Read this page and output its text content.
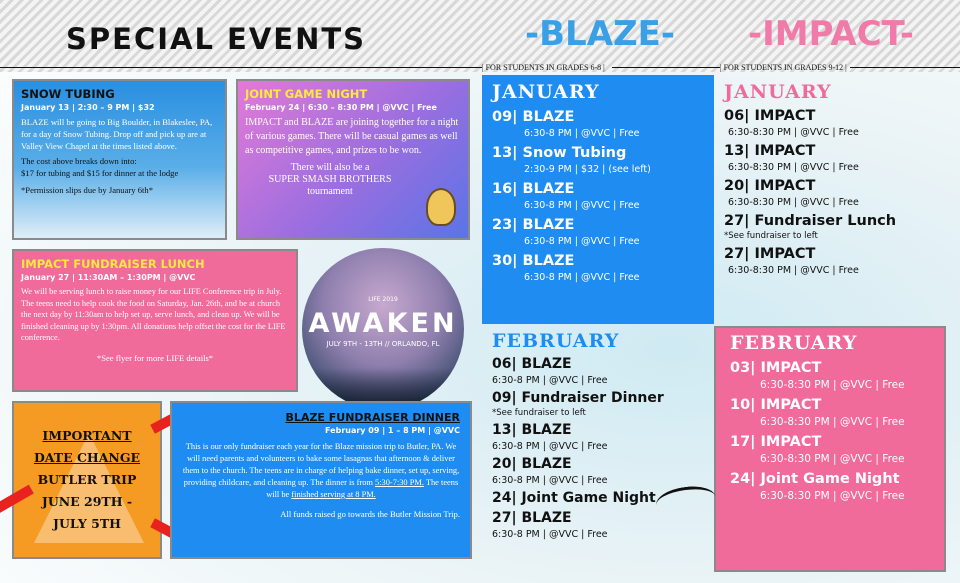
SPECIAL EVENTS	-BLAZE- -IMPACT-
| FOR STUDENTS IN GRADES 6-8 |	| FOR STUDENTS IN GRADES 9-12 |
SNOW TUBING
January 13 | 2:30 – 9 PM | $32
BLAZE will be going to Big Boulder, in Blakeslee, PA, for a day of Snow Tubing. Drop off and pick up are at Valley View Chapel at the times listed above.
The cost above breaks down into:
$17 for tubing and $15 for dinner at the lodge
*Permission slips due by January 6th*
JOINT GAME NIGHT
February 24 | 6:30 – 8:30 PM | @VVC | Free
IMPACT and BLAZE are joining together for a night of various games. There will be casual games as well as competitive games, and prizes to be won.
There will also be a
SUPER SMASH BROTHERS
tournament
IMPACT FUNDRAISER LUNCH
January 27 | 11:30AM – 1:30PM | @VVC
We will be serving lunch to raise money for our LIFE Conference trip in July. The teens need to help cook the food on Saturday, Jan. 26th, and be at church the next day by 11:30am to help set up, serve lunch, and clean up. We will be finished cleaning up by 1:30pm. All donations help offset the cost for the LIFE conference.
*See flyer for more LIFE details*
LIFE 2019
AWAKEN
JULY 9TH - 13TH // ORLANDO, FL
IMPORTANT
DATE CHANGE
BUTLER TRIP
JUNE 29TH -
JULY 5TH
BLAZE FUNDRAISER DINNER
February 09 | 1 – 8 PM | @VVC
This is our only fundraiser each year for the Blaze mission trip to Butler, PA. We will need parents and volunteers to bake some lasagnas that afternoon & deliver them to the church. The teens are in charge of helping bake dinner, set up, serving, providing childcare, and cleaning up. The dinner is from 5:30-7:30 PM. The teens will be finished serving at 8 PM.
All funds raised go towards the Butler Mission Trip.
JANUARY
09| BLAZE
6:30-8 PM | @VVC | Free
13| Snow Tubing
2:30-9 PM | $32 | (see left)
16| BLAZE
6:30-8 PM | @VVC | Free
23| BLAZE
6:30-8 PM | @VVC | Free
30| BLAZE
6:30-8 PM | @VVC | Free
JANUARY
06| IMPACT
6:30-8:30 PM | @VVC | Free
13| IMPACT
6:30-8:30 PM | @VVC | Free
20| IMPACT
6:30-8:30 PM | @VVC | Free
27| Fundraiser Lunch
*See fundraiser to left
27| IMPACT
6:30-8:30 PM | @VVC | Free
FEBRUARY
06| BLAZE
6:30-8 PM | @VVC | Free
09| Fundraiser Dinner
*See fundraiser to left
13| BLAZE
6:30-8 PM | @VVC | Free
20| BLAZE
6:30-8 PM | @VVC | Free
24| Joint Game Night
27| BLAZE
6:30-8 PM | @VVC | Free
FEBRUARY
03| IMPACT
6:30-8:30 PM | @VVC | Free
10| IMPACT
6:30-8:30 PM | @VVC | Free
17| IMPACT
6:30-8:30 PM | @VVC | Free
24| Joint Game Night
6:30-8:30 PM | @VVC | Free
